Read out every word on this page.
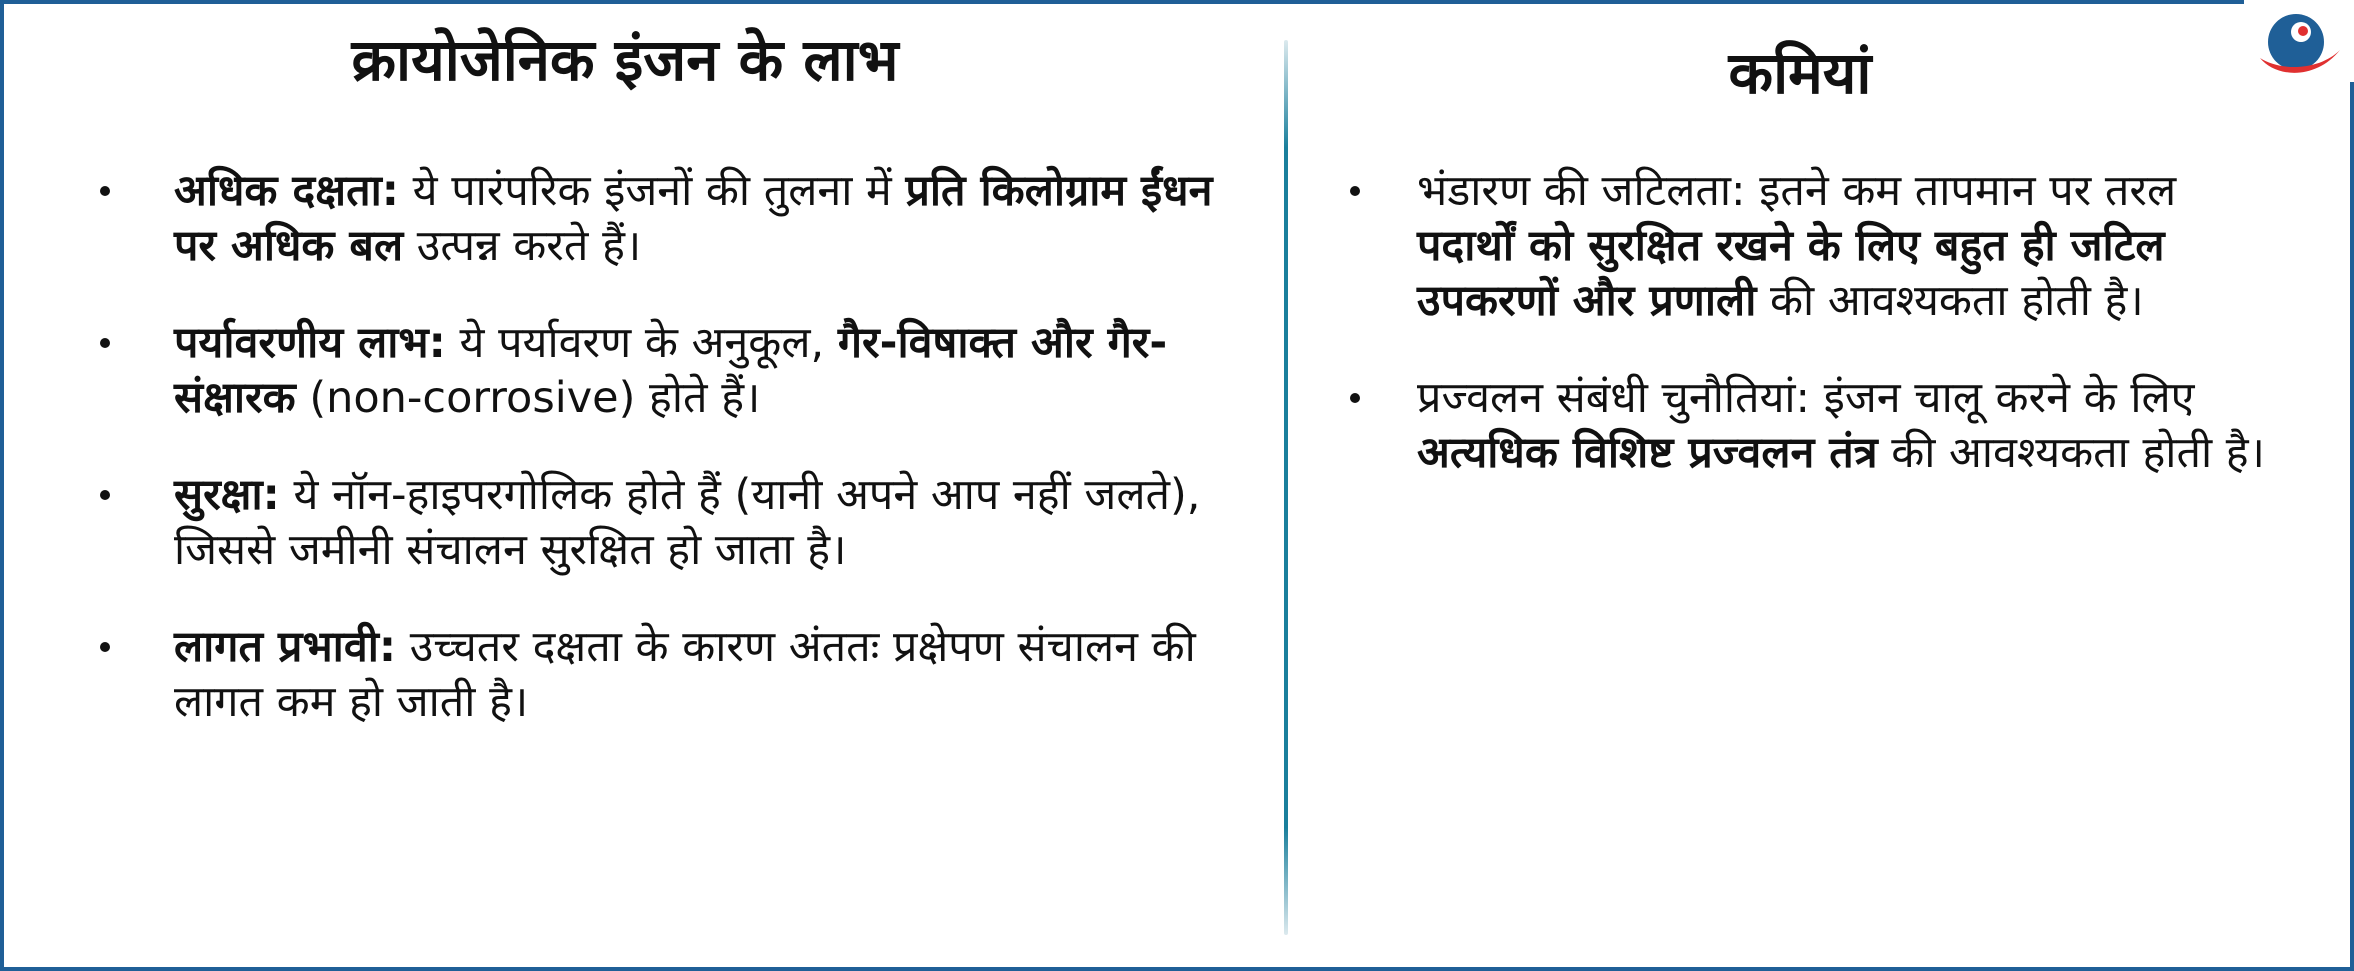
क्रायोजेनिक इंजन के लाभ
अधिक दक्षता: ये पारंपरिक इंजनों की तुलना में प्रति किलोग्राम ईंधन पर अधिक बल उत्पन्न करते हैं।
पर्यावरणीय लाभ: ये पर्यावरण के अनुकूल, गैर-विषाक्त और गैर-संक्षारक (non-corrosive) होते हैं।
सुरक्षा: ये नॉन-हाइपरगोलिक होते हैं (यानी अपने आप नहीं जलते), जिससे जमीनी संचालन सुरक्षित हो जाता है।
लागत प्रभावी: उच्चतर दक्षता के कारण अंततः प्रक्षेपण संचालन की लागत कम हो जाती है।
कमियां
भंडारण की जटिलता: इतने कम तापमान पर तरल पदार्थों को सुरक्षित रखने के लिए बहुत ही जटिल उपकरणों और प्रणाली की आवश्यकता होती है।
प्रज्वलन संबंधी चुनौतियां: इंजन चालू करने के लिए अत्यधिक विशिष्ट प्रज्वलन तंत्र की आवश्यकता होती है।
